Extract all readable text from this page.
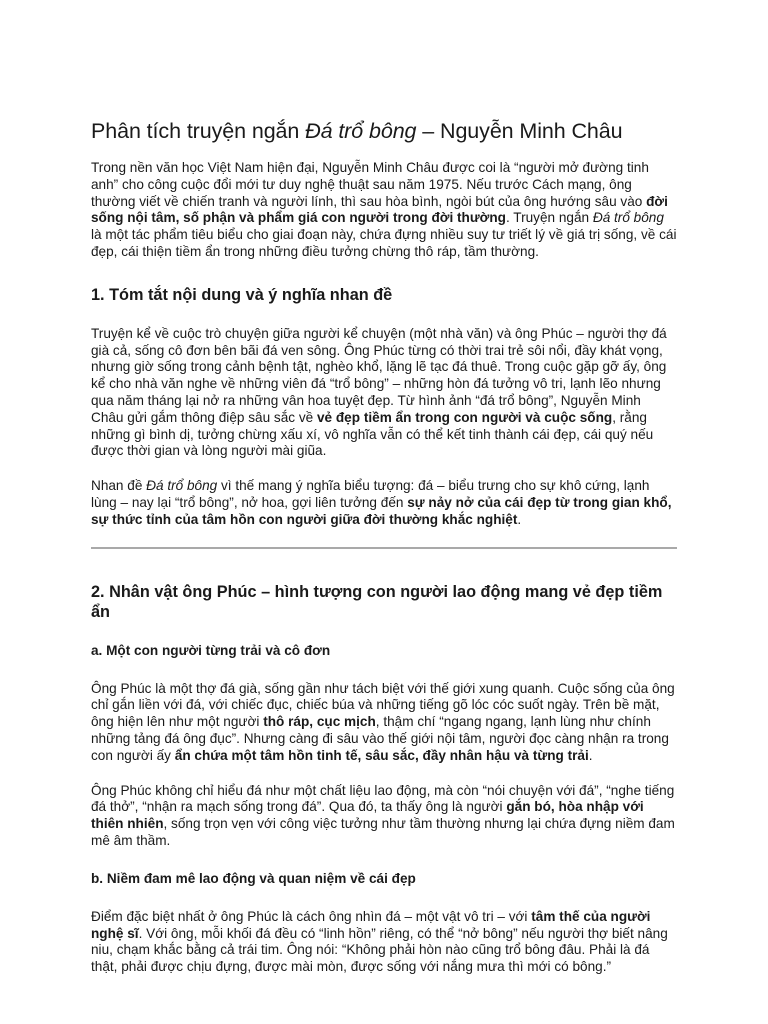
Phân tích truyện ngắn Đá trổ bông – Nguyễn Minh Châu

Trong nền văn học Việt Nam hiện đại, Nguyễn Minh Châu được coi là “người mở đường tinh anh” cho công cuộc đổi mới tư duy nghệ thuật sau năm 1975. Nếu trước Cách mạng, ông thường viết về chiến tranh và người lính, thì sau hòa bình, ngòi bút của ông hướng sâu vào đời sống nội tâm, số phận và phẩm giá con người trong đời thường. Truyện ngắn Đá trổ bông là một tác phẩm tiêu biểu cho giai đoạn này, chứa đựng nhiều suy tư triết lý về giá trị sống, về cái đẹp, cái thiện tiềm ẩn trong những điều tưởng chừng thô ráp, tầm thường.

1. Tóm tắt nội dung và ý nghĩa nhan đề

Truyện kể về cuộc trò chuyện giữa người kể chuyện (một nhà văn) và ông Phúc – người thợ đá già cả, sống cô đơn bên bãi đá ven sông. Ông Phúc từng có thời trai trẻ sôi nổi, đầy khát vọng, nhưng giờ sống trong cảnh bệnh tật, nghèo khổ, lặng lẽ tạc đá thuê. Trong cuộc gặp gỡ ấy, ông kể cho nhà văn nghe về những viên đá “trổ bông” – những hòn đá tưởng vô tri, lạnh lẽo nhưng qua năm tháng lại nở ra những vân hoa tuyệt đẹp. Từ hình ảnh “đá trổ bông”, Nguyễn Minh Châu gửi gắm thông điệp sâu sắc về vẻ đẹp tiềm ẩn trong con người và cuộc sống, rằng những gì bình dị, tưởng chừng xấu xí, vô nghĩa vẫn có thể kết tinh thành cái đẹp, cái quý nếu được thời gian và lòng người mài giũa.

Nhan đề Đá trổ bông vì thế mang ý nghĩa biểu tượng: đá – biểu trưng cho sự khô cứng, lạnh lùng – nay lại “trổ bông”, nở hoa, gợi liên tưởng đến sự nảy nở của cái đẹp từ trong gian khổ, sự thức tỉnh của tâm hồn con người giữa đời thường khắc nghiệt.

2. Nhân vật ông Phúc – hình tượng con người lao động mang vẻ đẹp tiềm ẩn
a. Một con người từng trải và cô đơn

Ông Phúc là một thợ đá già, sống gần như tách biệt với thế giới xung quanh. Cuộc sống của ông chỉ gắn liền với đá, với chiếc đục, chiếc búa và những tiếng gõ lóc cóc suốt ngày. Trên bề mặt, ông hiện lên như một người thô ráp, cục mịch, thậm chí “ngang ngang, lạnh lùng như chính những tảng đá ông đục”. Nhưng càng đi sâu vào thế giới nội tâm, người đọc càng nhận ra trong con người ấy ẩn chứa một tâm hồn tinh tế, sâu sắc, đầy nhân hậu và từng trải.

Ông Phúc không chỉ hiểu đá như một chất liệu lao động, mà còn “nói chuyện với đá”, “nghe tiếng đá thở”, “nhận ra mạch sống trong đá”. Qua đó, ta thấy ông là người gắn bó, hòa nhập với thiên nhiên, sống trọn vẹn với công việc tưởng như tầm thường nhưng lại chứa đựng niềm đam mê âm thầm.

b. Niềm đam mê lao động và quan niệm về cái đẹp

Điểm đặc biệt nhất ở ông Phúc là cách ông nhìn đá – một vật vô tri – với tâm thế của người nghệ sĩ. Với ông, mỗi khối đá đều có “linh hồn” riêng, có thể “nở bông” nếu người thợ biết nâng niu, chạm khắc bằng cả trái tim. Ông nói: “Không phải hòn nào cũng trổ bông đâu. Phải là đá thật, phải được chịu đựng, được mài mòn, được sống với nắng mưa thì mới có bông.”
